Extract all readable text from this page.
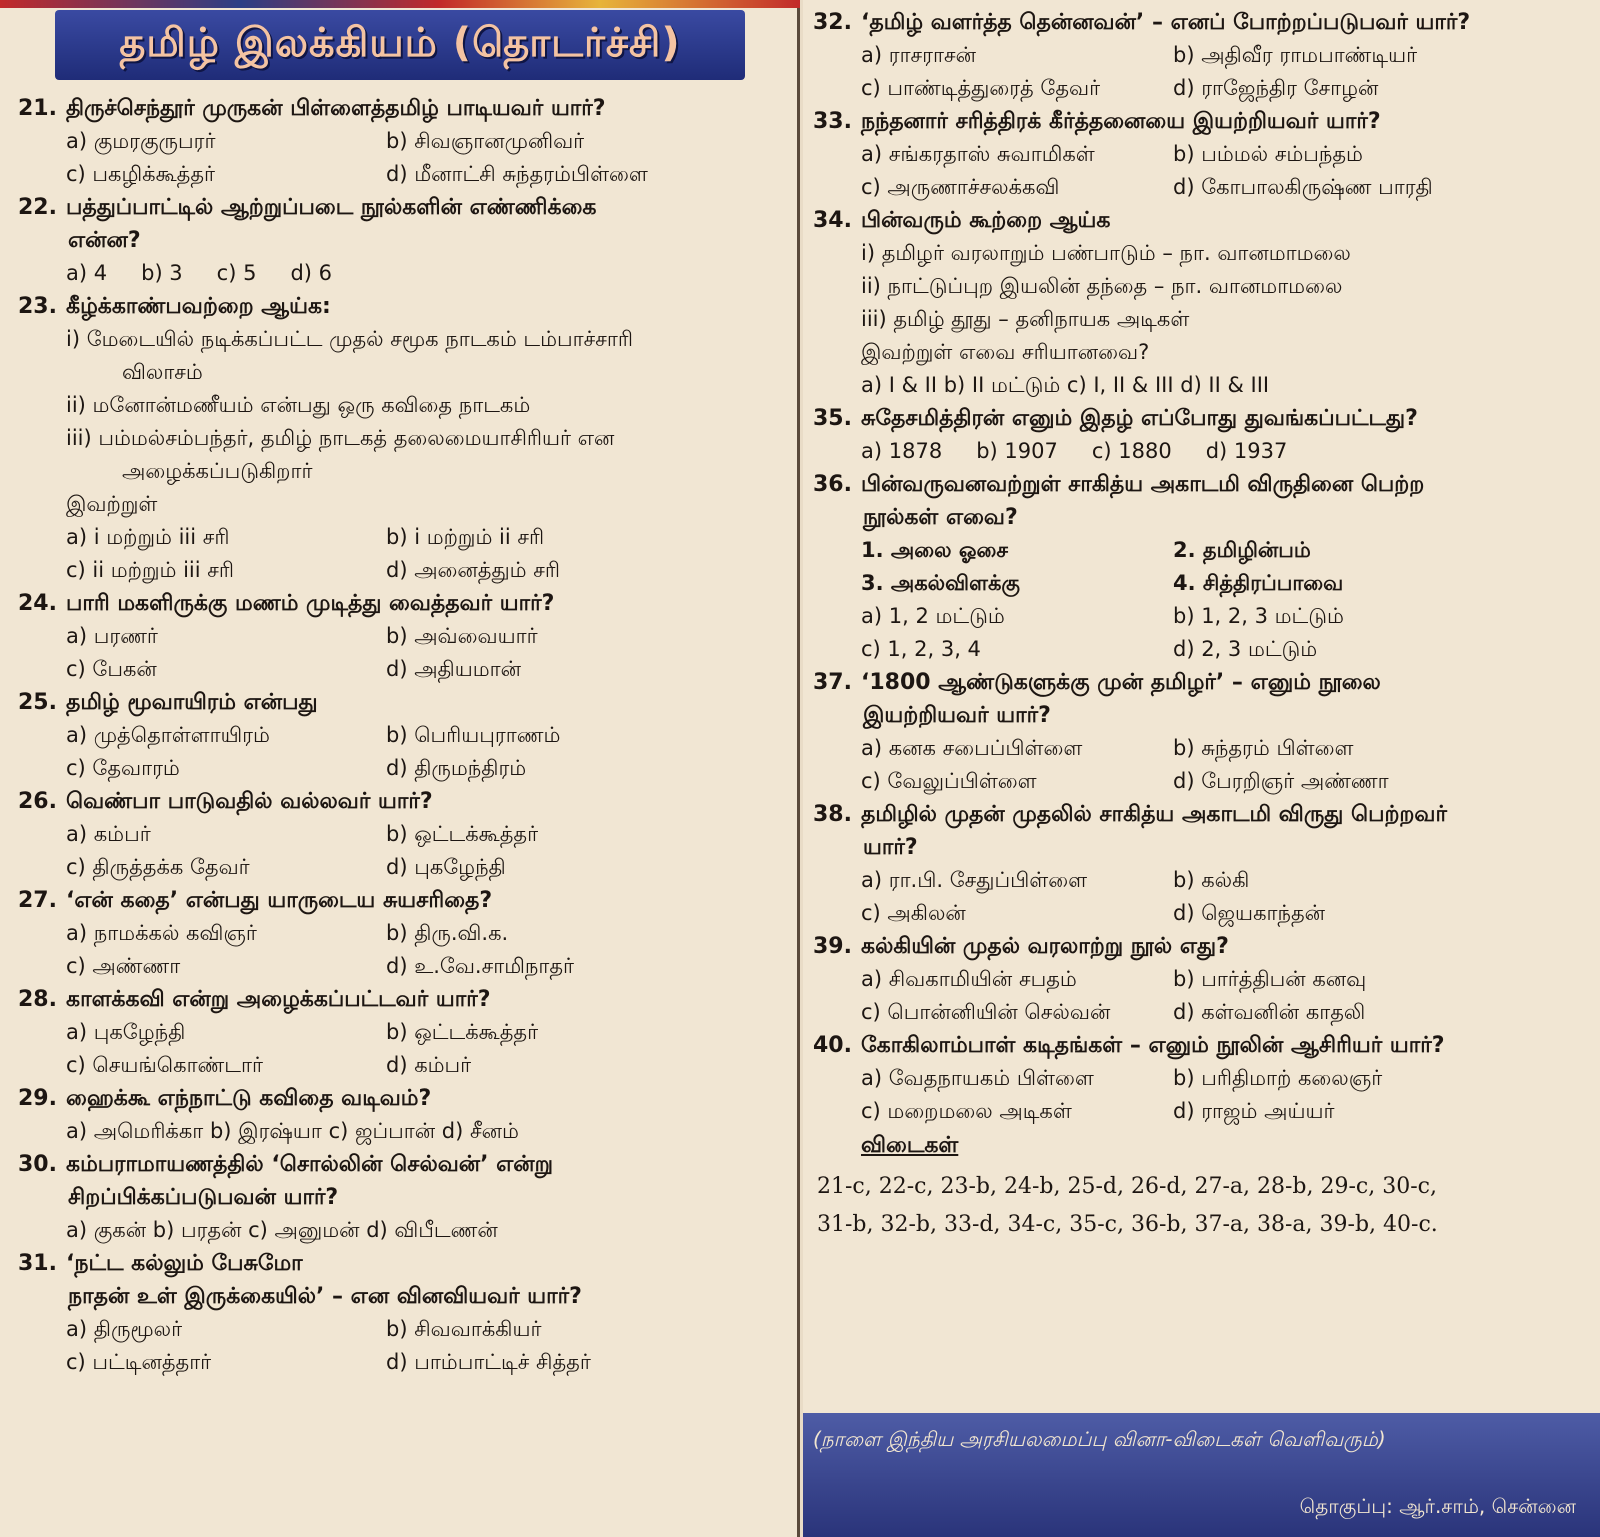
தமிழ் இலக்கியம் (தொடர்ச்சி)
21. திருச்செந்தூர் முருகன் பிள்ளைத்தமிழ் பாடியவர் யார்?
a) குமரகுருபரர்	b) சிவஞானமுனிவர்
c) பகழிக்கூத்தர்	d) மீனாட்சி சுந்தரம்பிள்ளை
22. பத்துப்பாட்டில் ஆற்றுப்படை நூல்களின் எண்ணிக்கை
என்ன?
a) 4 b) 3 c) 5 d) 6
23. கீழ்க்காண்பவற்றை ஆய்க:
i) மேடையில் நடிக்கப்பட்ட முதல் சமூக நாடகம் டம்பாச்சாரி
விலாசம்
ii) மனோன்மணீயம் என்பது ஒரு கவிதை நாடகம்
iii) பம்மல்சம்பந்தர், தமிழ் நாடகத் தலைமையாசிரியர் என
அழைக்கப்படுகிறார்
இவற்றுள்
a) i மற்றும் iii சரி	b) i மற்றும் ii சரி
c) ii மற்றும் iii சரி	d) அனைத்தும் சரி
24. பாரி மகளிருக்கு மணம் முடித்து வைத்தவர் யார்?
a) பரணர்	b) அவ்வையார்
c) பேகன்	d) அதியமான்
25. தமிழ் மூவாயிரம் என்பது
a) முத்தொள்ளாயிரம்	b) பெரியபுராணம்
c) தேவாரம்	d) திருமந்திரம்
26. வெண்பா பாடுவதில் வல்லவர் யார்?
a) கம்பர்	b) ஒட்டக்கூத்தர்
c) திருத்தக்க தேவர்	d) புகழேந்தி
27. ‘என் கதை’ என்பது யாருடைய சுயசரிதை?
a) நாமக்கல் கவிஞர்	b) திரு.வி.க.
c) அண்ணா	d) உ.வே.சாமிநாதர்
28. காளக்கவி என்று அழைக்கப்பட்டவர் யார்?
a) புகழேந்தி	b) ஒட்டக்கூத்தர்
c) செயங்கொண்டார்	d) கம்பர்
29. ஹைக்கூ எந்நாட்டு கவிதை வடிவம்?
a) அமெரிக்கா b) இரஷ்யா c) ஜப்பான் d) சீனம்
30. கம்பராமாயணத்தில் ‘சொல்லின் செல்வன்’ என்று
சிறப்பிக்கப்படுபவன் யார்?
a) குகன் b) பரதன் c) அனுமன் d) விபீடணன்
31. ‘நட்ட கல்லும் பேசுமோ
நாதன் உள் இருக்கையில்’ – என வினவியவர் யார்?
a) திருமூலர்	b) சிவவாக்கியர்
c) பட்டினத்தார்	d) பாம்பாட்டிச் சித்தர்
32. ‘தமிழ் வளர்த்த தென்னவன்’ – எனப் போற்றப்படுபவர் யார்?
a) ராசராசன்	b) அதிவீர ராமபாண்டியர்
c) பாண்டித்துரைத் தேவர்	d) ராஜேந்திர சோழன்
33. நந்தனார் சரித்திரக் கீர்த்தனையை இயற்றியவர் யார்?
a) சங்கரதாஸ் சுவாமிகள்	b) பம்மல் சம்பந்தம்
c) அருணாச்சலக்கவி	d) கோபாலகிருஷ்ண பாரதி
34. பின்வரும் கூற்றை ஆய்க
i) தமிழர் வரலாறும் பண்பாடும் – நா. வானமாமலை
ii) நாட்டுப்புற இயலின் தந்தை – நா. வானமாமலை
iii) தமிழ் தூது – தனிநாயக அடிகள்
இவற்றுள் எவை சரியானவை?
a) I & II b) II மட்டும் c) I, II & III d) II & III
35. சுதேசமித்திரன் எனும் இதழ் எப்போது துவங்கப்பட்டது?
a) 1878 b) 1907 c) 1880 d) 1937
36. பின்வருவனவற்றுள் சாகித்ய அகாடமி விருதினை பெற்ற
நூல்கள் எவை?
1. அலை ஓசை	2. தமிழின்பம்
3. அகல்விளக்கு	4. சித்திரப்பாவை
a) 1, 2 மட்டும்	b) 1, 2, 3 மட்டும்
c) 1, 2, 3, 4	d) 2, 3 மட்டும்
37. ‘1800 ஆண்டுகளுக்கு முன் தமிழர்’ – எனும் நூலை
இயற்றியவர் யார்?
a) கனக சபைப்பிள்ளை	b) சுந்தரம் பிள்ளை
c) வேலுப்பிள்ளை	d) பேரறிஞர் அண்ணா
38. தமிழில் முதன் முதலில் சாகித்ய அகாடமி விருது பெற்றவர்
யார்?
a) ரா.பி. சேதுப்பிள்ளை	b) கல்கி
c) அகிலன்	d) ஜெயகாந்தன்
39. கல்கியின் முதல் வரலாற்று நூல் எது?
a) சிவகாமியின் சபதம்	b) பார்த்திபன் கனவு
c) பொன்னியின் செல்வன்	d) கள்வனின் காதலி
40. கோகிலாம்பாள் கடிதங்கள் – எனும் நூலின் ஆசிரியர் யார்?
a) வேதநாயகம் பிள்ளை	b) பரிதிமாற் கலைஞர்
c) மறைமலை அடிகள்	d) ராஜம் அய்யர்
விடைகள்
21-c, 22-c, 23-b, 24-b, 25-d, 26-d, 27-a, 28-b, 29-c, 30-c,
31-b, 32-b, 33-d, 34-c, 35-c, 36-b, 37-a, 38-a, 39-b, 40-c.
(நாளை இந்திய அரசியலமைப்பு வினா-விடைகள் வெளிவரும்)
தொகுப்பு: ஆர்.சாம், சென்னை
